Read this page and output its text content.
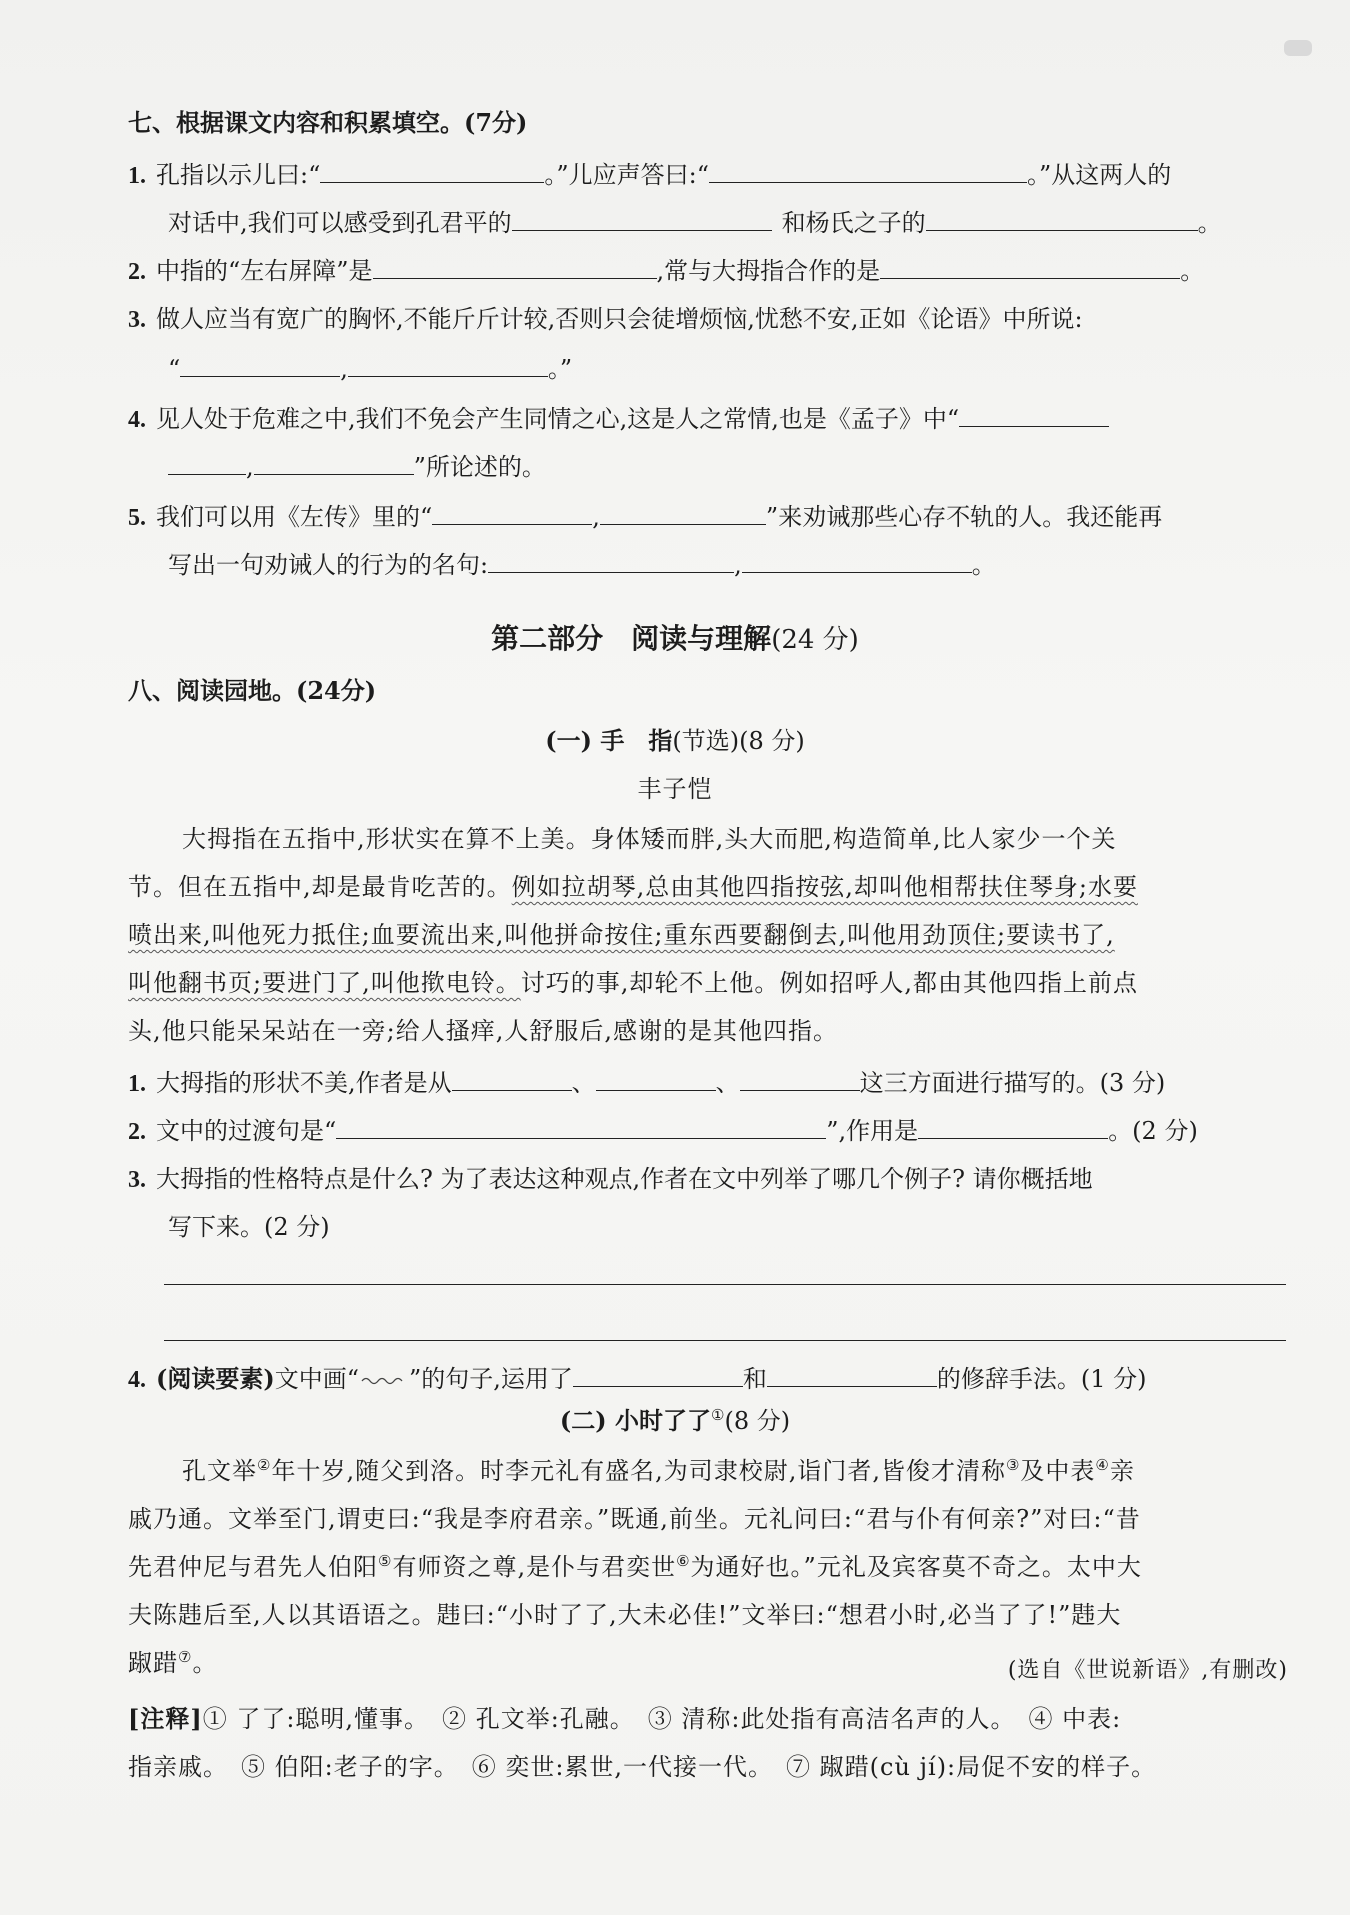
七、根据课文内容和积累填空。(7分)
1. 孔指以示儿曰:“	。”儿应声答曰:“	。”从这两人的
对话中,我们可以感受到孔君平的	和杨氏之子的	。
2. 中指的“左右屏障”是	,常与大拇指合作的是	。
3. 做人应当有宽广的胸怀,不能斤斤计较,否则只会徒增烦恼,忧愁不安,正如《论语》中所说:
“	,	。”
4. 见人处于危难之中,我们不免会产生同情之心,这是人之常情,也是《孟子》中“
,	”所论述的。
5. 我们可以用《左传》里的“	,	”来劝诫那些心存不轨的人。我还能再
写出一句劝诫人的行为的名句:	,	。
第二部分　阅读与理解(24 分)
八、阅读园地。(24分)
(一) 手　指(节选)(8 分)
丰子恺
大拇指在五指中,形状实在算不上美。身体矮而胖,头大而肥,构造简单,比人家少一个关
节。但在五指中,却是最肯吃苦的。例如拉胡琴,总由其他四指按弦,却叫他相帮扶住琴身;水要
喷出来,叫他死力抵住;血要流出来,叫他拼命按住;重东西要翻倒去,叫他用劲顶住;要读书了,
叫他翻书页;要进门了,叫他揿电铃。讨巧的事,却轮不上他。例如招呼人,都由其他四指上前点
头,他只能呆呆站在一旁;给人搔痒,人舒服后,感谢的是其他四指。
1. 大拇指的形状不美,作者是从	、	、	这三方面进行描写的。(3 分)
2. 文中的过渡句是“	”,作用是	。(2 分)
3. 大拇指的性格特点是什么? 为了表达这种观点,作者在文中列举了哪几个例子? 请你概括地
写下来。(2 分)
4. (阅读要素)文中画“ ”的句子,运用了	和	的修辞手法。(1 分)
(二) 小时了了①(8 分)
孔文举②年十岁,随父到洛。时李元礼有盛名,为司隶校尉,诣门者,皆俊才清称③及中表④亲
戚乃通。文举至门,谓吏曰:“我是李府君亲。”既通,前坐。元礼问曰:“君与仆有何亲?”对曰:“昔
先君仲尼与君先人伯阳⑤有师资之尊,是仆与君奕世⑥为通好也。”元礼及宾客莫不奇之。太中大
夫陈韪后至,人以其语语之。韪曰:“小时了了,大未必佳!”文举曰:“想君小时,必当了了!”韪大
踧踖⑦。	(选自《世说新语》,有删改)
[注释]① 了了:聪明,懂事。　② 孔文举:孔融。　③ 清称:此处指有高洁名声的人。　④ 中表:
指亲戚。　⑤ 伯阳:老子的字。　⑥ 奕世:累世,一代接一代。　⑦ 踧踖(cù jí):局促不安的样子。
